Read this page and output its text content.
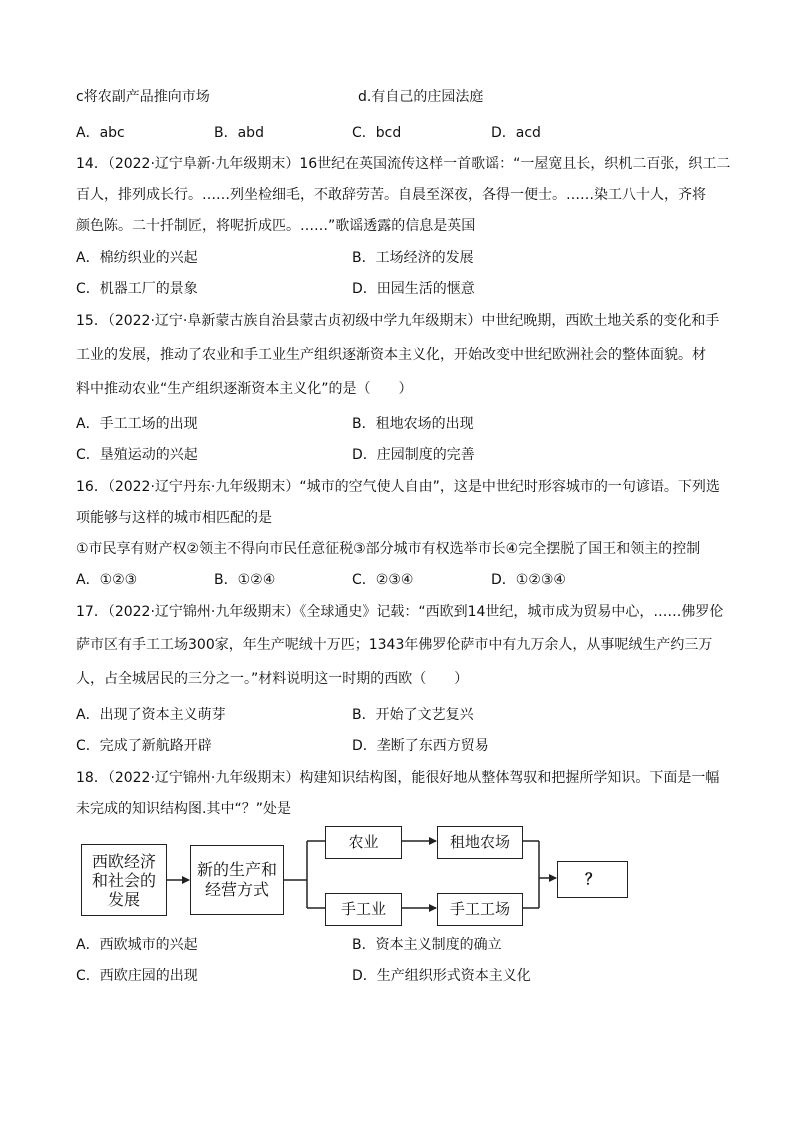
c将农副产品推向市场	d.有自己的庄园法庭
A．abc	B．abd	C．bcd	D．acd
14．（2022·辽宁阜新·九年级期末）16世纪在英国流传这样一首歌谣：“一屋宽且长，织机二百张，织工二
百人，排列成长行。……列坐检细毛，不敢辞劳苦。自晨至深夜，各得一便士。……染工八十人，齐将
颜色陈。二十扦制匠，将呢折成匹。……”歌谣透露的信息是英国
A．棉纺织业的兴起	B．工场经济的发展
C．机器工厂的景象	D．田园生活的惬意
15．（2022·辽宁·阜新蒙古族自治县蒙古贞初级中学九年级期末）中世纪晚期，西欧土地关系的变化和手
工业的发展，推动了农业和手工业生产组织逐渐资本主义化，开始改变中世纪欧洲社会的整体面貌。材
料中推动农业“生产组织逐渐资本主义化”的是（　　）
A．手工工场的出现	B．租地农场的出现
C．垦殖运动的兴起	D．庄园制度的完善
16．（2022·辽宁丹东·九年级期末）“城市的空气使人自由”，这是中世纪时形容城市的一句谚语。下列选
项能够与这样的城市相匹配的是
①市民享有财产权②领主不得向市民任意征税③部分城市有权选举市长④完全摆脱了国王和领主的控制
A．①②③	B．①②④	C．②③④	D．①②③④
17．（2022·辽宁锦州·九年级期末）《全球通史》记载：“西欧到14世纪，城市成为贸易中心，……佛罗伦
萨市区有手工工场300家，年生产呢绒十万匹；1343年佛罗伦萨市中有九万余人，从事呢绒生产约三万
人，占全城居民的三分之一。”材料说明这一时期的西欧（　　）
A．出现了资本主义萌芽	B．开始了文艺复兴
C．完成了新航路开辟	D．垄断了东西方贸易
18．（2022·辽宁锦州·九年级期末）构建知识结构图，能很好地从整体驾驭和把握所学知识。下面是一幅
未完成的知识结构图.其中“？”处是
西欧经济
和社会的
发展
新的生产和
经营方式
农业	租地农场
手工业	手工工场
？
A．西欧城市的兴起	B．资本主义制度的确立
C．西欧庄园的出现	D．生产组织形式资本主义化
